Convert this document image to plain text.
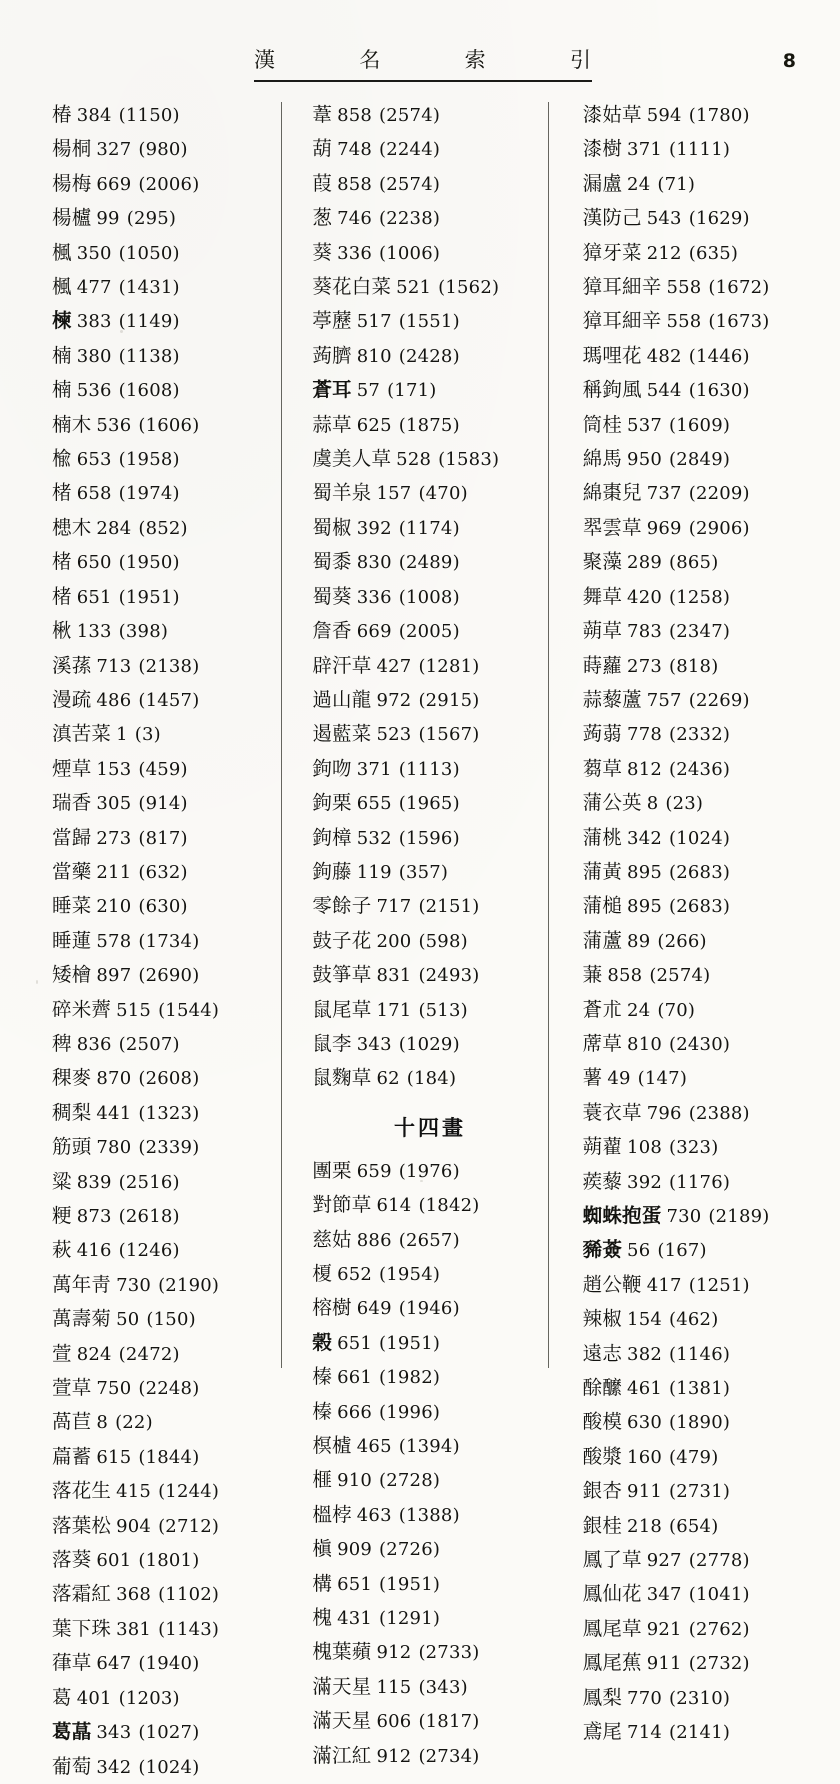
漢	名	索	引	8
椿 384 (1150)
楊桐 327 (980)
楊梅 669 (2006)
楊櫨 99 (295)
楓 350 (1050)
楓 477 (1431)
楝 383 (1149)
楠 380 (1138)
楠 536 (1608)
楠木 536 (1606)
楡 653 (1958)
楮 658 (1974)
槵木 284 (852)
楮 650 (1950)
楮 651 (1951)
楸 133 (398)
溪蓀 713 (2138)
漫疏 486 (1457)
滇苦菜 1 (3)
煙草 153 (459)
瑞香 305 (914)
當歸 273 (817)
當藥 211 (632)
睡菜 210 (630)
睡蓮 578 (1734)
矮檜 897 (2690)
碎米薺 515 (1544)
稗 836 (2507)
稞麥 870 (2608)
稠梨 441 (1323)
筋頭 780 (2339)
粱 839 (2516)
粳 873 (2618)
萩 416 (1246)
萬年靑 730 (2190)
萬壽菊 50 (150)
萱 824 (2472)
萱草 750 (2248)
萵苣 8 (22)
萹蓄 615 (1844)
落花生 415 (1244)
落葉松 904 (2712)
落葵 601 (1801)
落霜紅 368 (1102)
葉下珠 381 (1143)
葎草 647 (1940)
葛 401 (1203)
葛蕌 343 (1027)
葡萄 342 (1024)
葦 858 (2574)
葫 748 (2244)
葭 858 (2574)
葱 746 (2238)
葵 336 (1006)
葵花白菜 521 (1562)
葶藶 517 (1551)
蒟臍 810 (2428)
蒼耳 57 (171)
蒜草 625 (1875)
虞美人草 528 (1583)
蜀羊泉 157 (470)
蜀椒 392 (1174)
蜀黍 830 (2489)
蜀葵 336 (1008)
詹香 669 (2005)
辟汗草 427 (1281)
過山龍 972 (2915)
遏藍菜 523 (1567)
鉤吻 371 (1113)
鉤栗 655 (1965)
鉤樟 532 (1596)
鉤藤 119 (357)
零餘子 717 (2151)
鼓子花 200 (598)
鼓箏草 831 (2493)
鼠尾草 171 (513)
鼠李 343 (1029)
鼠麴草 62 (184)
十四畫
團栗 659 (1976)
對節草 614 (1842)
慈姑 886 (2657)
榎 652 (1954)
榕樹 649 (1946)
榖 651 (1951)
榛 661 (1982)
榛 666 (1996)
榠樝 465 (1394)
榧 910 (2728)
榲桲 463 (1388)
槇 909 (2726)
構 651 (1951)
槐 431 (1291)
槐葉蘋 912 (2733)
滿天星 115 (343)
滿天星 606 (1817)
滿江紅 912 (2734)
漆姑草 594 (1780)
漆樹 371 (1111)
漏盧 24 (71)
漢防己 543 (1629)
獐牙菜 212 (635)
獐耳細辛 558 (1672)
獐耳細辛 558 (1673)
瑪哩花 482 (1446)
稱鉤風 544 (1630)
筒桂 537 (1609)
綿馬 950 (2849)
綿棗兒 737 (2209)
翆雲草 969 (2906)
聚藻 289 (865)
舞草 420 (1258)
蒴草 783 (2347)
蒔蘿 273 (818)
蒜藜蘆 757 (2269)
蒟蒻 778 (2332)
蒭草 812 (2436)
蒲公英 8 (23)
蒲桃 342 (1024)
蒲黃 895 (2683)
蒲槌 895 (2683)
蒲蘆 89 (266)
蒹 858 (2574)
蒼朮 24 (70)
蓆草 810 (2430)
薯 49 (147)
蓑衣草 796 (2388)
蒴藋 108 (323)
蒺藜 392 (1176)
蜘蛛抱蛋 730 (2189)
豨薟 56 (167)
趙公鞭 417 (1251)
辣椒 154 (462)
遠志 382 (1146)
酴醿 461 (1381)
酸模 630 (1890)
酸漿 160 (479)
銀杏 911 (2731)
銀桂 218 (654)
鳳了草 927 (2778)
鳳仙花 347 (1041)
鳳尾草 921 (2762)
鳳尾蕉 911 (2732)
鳳梨 770 (2310)
鳶尾 714 (2141)
